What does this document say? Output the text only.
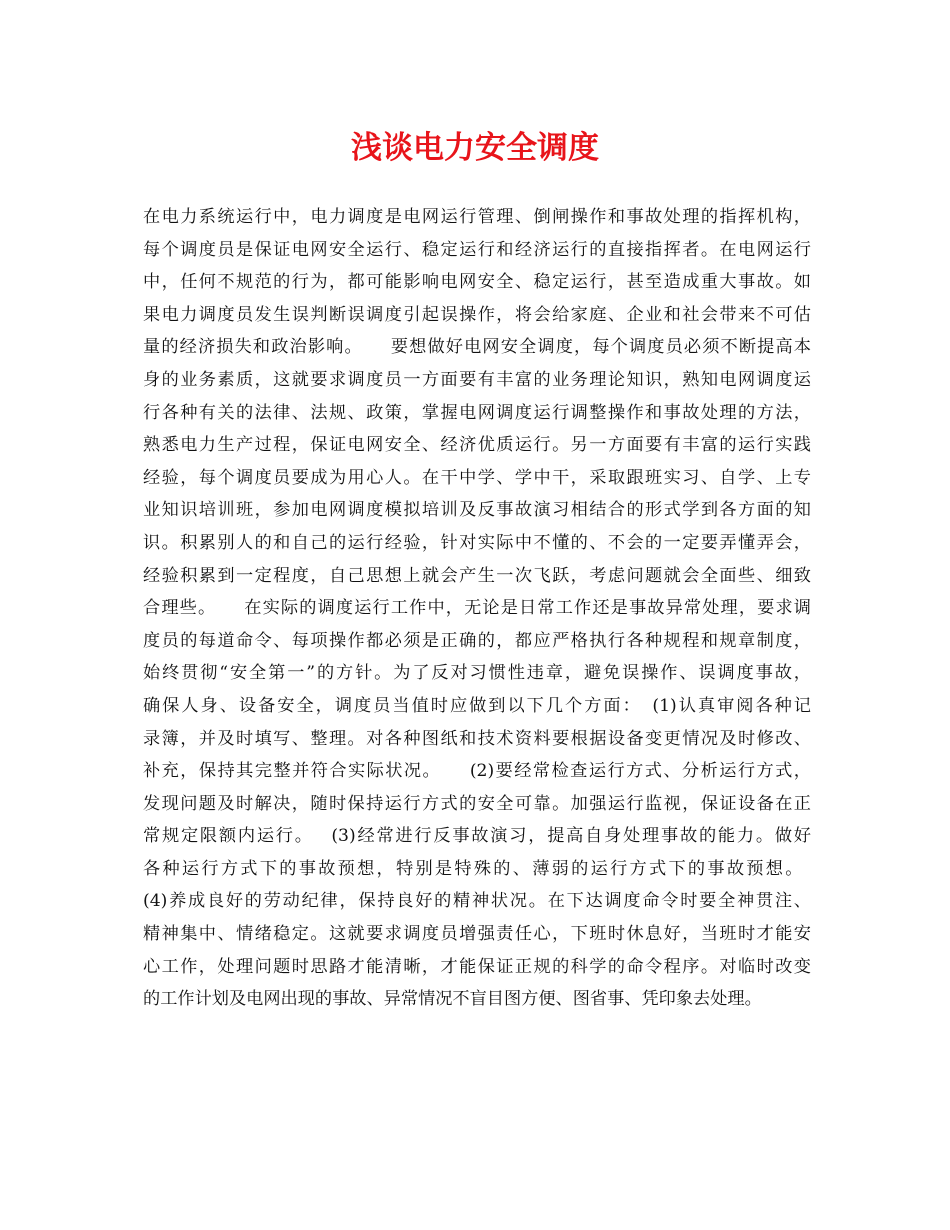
浅谈电力安全调度
在电力系统运行中，电力调度是电网运行管理、倒闸操作和事故处理的指挥机构，
每个调度员是保证电网安全运行、稳定运行和经济运行的直接指挥者。在电网运行
中，任何不规范的行为，都可能影响电网安全、稳定运行，甚至造成重大事故。如
果电力调度员发生误判断误调度引起误操作，将会给家庭、企业和社会带来不可估
量的经济损失和政治影响。　　要想做好电网安全调度，每个调度员必须不断提高本
身的业务素质，这就要求调度员一方面要有丰富的业务理论知识，熟知电网调度运
行各种有关的法律、法规、政策，掌握电网调度运行调整操作和事故处理的方法，
熟悉电力生产过程，保证电网安全、经济优质运行。另一方面要有丰富的运行实践
经验，每个调度员要成为用心人。在干中学、学中干，采取跟班实习、自学、上专
业知识培训班，参加电网调度模拟培训及反事故演习相结合的形式学到各方面的知
识。积累别人的和自己的运行经验，针对实际中不懂的、不会的一定要弄懂弄会，
经验积累到一定程度，自己思想上就会产生一次飞跃，考虑问题就会全面些、细致
合理些。　　在实际的调度运行工作中，无论是日常工作还是事故异常处理，要求调
度员的每道命令、每项操作都必须是正确的，都应严格执行各种规程和规章制度，
始终贯彻“安全第一”的方针。为了反对习惯性违章，避免误操作、误调度事故，
确保人身、设备安全，调度员当值时应做到以下几个方面：　(1)认真审阅各种记
录簿，并及时填写、整理。对各种图纸和技术资料要根据设备变更情况及时修改、
补充，保持其完整并符合实际状况。　　(2)要经常检查运行方式、分析运行方式，
发现问题及时解决，随时保持运行方式的安全可靠。加强运行监视，保证设备在正
常规定限额内运行。　 (3)经常进行反事故演习，提高自身处理事故的能力。做好
各种运行方式下的事故预想，特别是特殊的、薄弱的运行方式下的事故预想。　
(4)养成良好的劳动纪律，保持良好的精神状况。在下达调度命令时要全神贯注、
精神集中、情绪稳定。这就要求调度员增强责任心，下班时休息好，当班时才能安
心工作，处理问题时思路才能清晰，才能保证正规的科学的命令程序。对临时改变
的工作计划及电网出现的事故、异常情况不盲目图方便、图省事、凭印象去处理。
